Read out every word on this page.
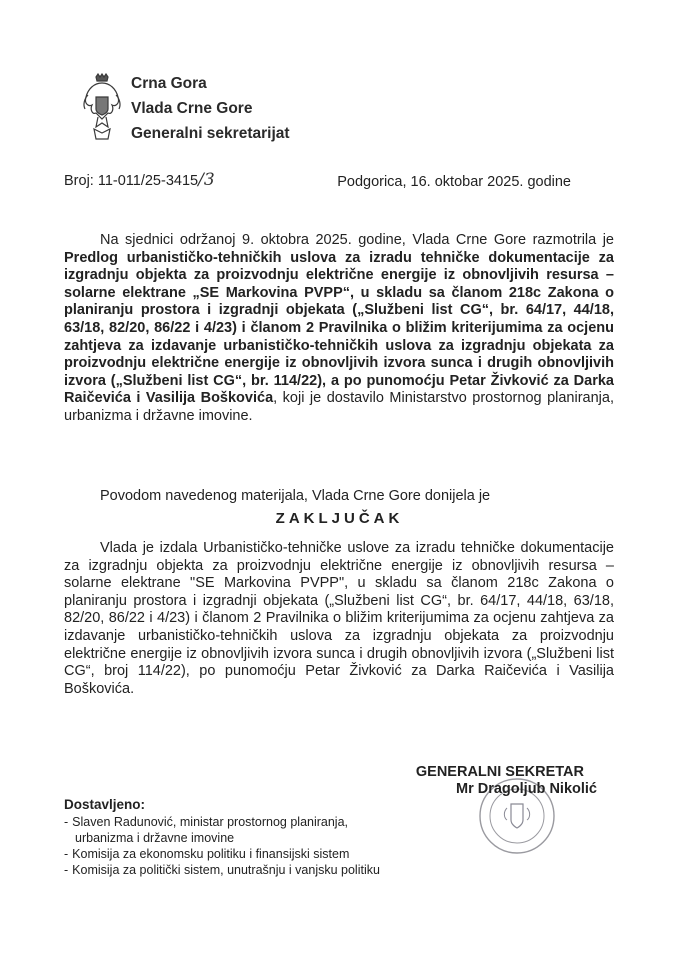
Crna Gora
Vlada Crne Gore
Generalni sekretarijat
Broj: 11-011/25-3415/3	Podgorica, 16. oktobar 2025. godine

Na sjednici održanoj 9. oktobra 2025. godine, Vlada Crne Gore razmotrila je Predlog urbanističko-tehničkih uslova za izradu tehničke dokumentacije za izgradnju objekta za proizvodnju električne energije iz obnovljivih resursa – solarne elektrane „SE Markovina PVPP“, u skladu sa članom 218c Zakona o planiranju prostora i izgradnji objekata („Službeni list CG“, br. 64/17, 44/18, 63/18, 82/20, 86/22 i 4/23) i članom 2 Pravilnika o bližim kriterijumima za ocjenu zahtjeva za izdavanje urbanističko-tehničkih uslova za izgradnju objekata za proizvodnju električne energije iz obnovljivih izvora sunca i drugih obnovljivih izvora („Službeni list CG“, br. 114/22), a po punomoćju Petar Živković za Darka Raičevića i Vasilija Boškovića, koji je dostavilo Ministarstvo prostornog planiranja, urbanizma i državne imovine.

Povodom navedenog materijala, Vlada Crne Gore donijela je

ZAKLJUČAK

Vlada je izdala Urbanističko-tehničke uslove za izradu tehničke dokumentacije za izgradnju objekta za proizvodnju električne energije iz obnovljivih resursa – solarne elektrane "SE Markovina PVPP", u skladu sa članom 218c Zakona o planiranju prostora i izgradnji objekata („Službeni list CG“, br. 64/17, 44/18, 63/18, 82/20, 86/22 i 4/23) i članom 2 Pravilnika o bližim kriterijumima za ocjenu zahtjeva za izdavanje urbanističko-tehničkih uslova za izgradnju objekata za proizvodnju električne energije iz obnovljivih izvora sunca i drugih obnovljivih izvora („Službeni list CG“, broj 114/22), po punomoćju Petar Živković za Darka Raičevića i Vasilija Boškovića.

GENERALNI SEKRETAR
Mr Dragoljub Nikolić
Dostavljeno:
- Slaven Radunović, ministar prostornog planiranja,
urbanizma i državne imovine
- Komisija za ekonomsku politiku i finansijski sistem
- Komisija za politički sistem, unutrašnju i vanjsku politiku
